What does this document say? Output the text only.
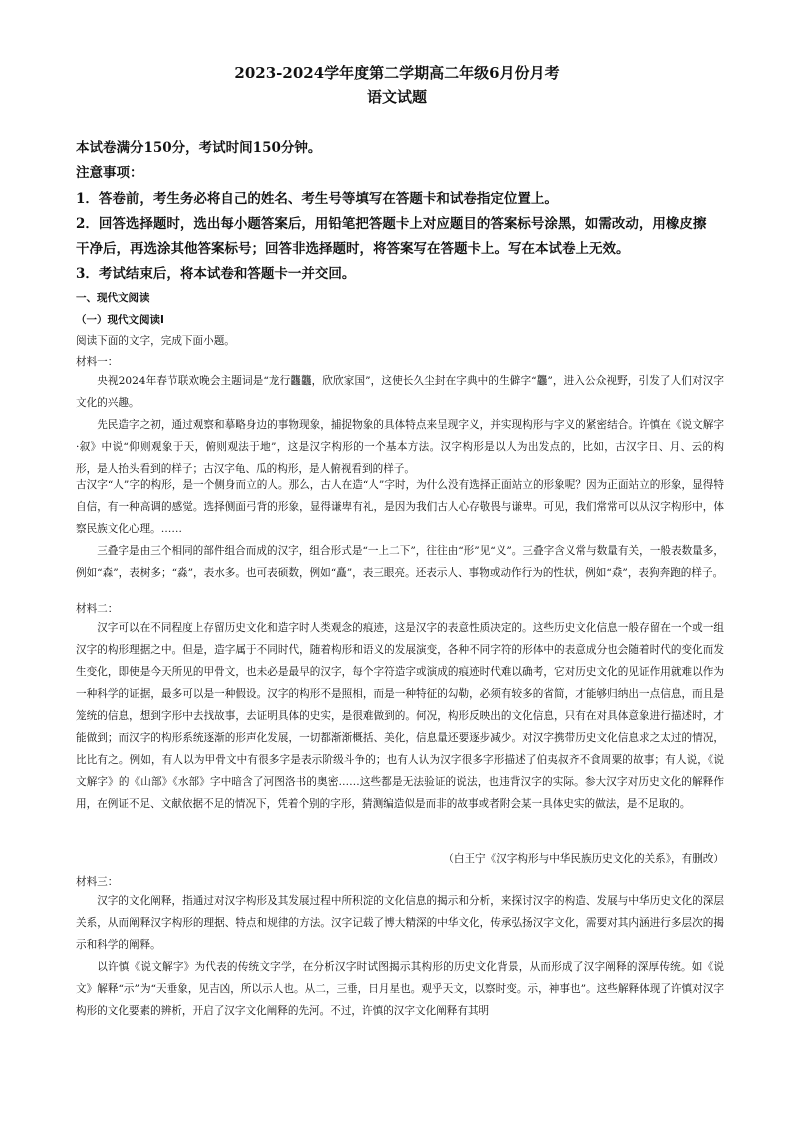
2023-2024学年度第二学期高二年级6月份月考
语文试题
本试卷满分150分，考试时间150分钟。
注意事项：
1．答卷前，考生务必将自己的姓名、考生号等填写在答题卡和试卷指定位置上。
2．回答选择题时，选出每小题答案后，用铅笔把答题卡上对应题目的答案标号涂黑，如需改动，用橡皮擦
干净后，再选涂其他答案标号；回答非选择题时，将答案写在答题卡上。写在本试卷上无效。
3．考试结束后，将本试卷和答题卡一并交回。
一、现代文阅读
（一）现代文阅读Ⅰ
阅读下面的文字，完成下面小题。
材料一：
央视2024年春节联欢晚会主题词是“龙行龘龘，欣欣家国”，这使长久尘封在字典中的生僻字“龘”，进入公众视野，引发了人们对汉字文化的兴趣。
先民造字之初，通过观察和摹略身边的事物现象，捕捉物象的具体特点来呈现字义，并实现构形与字义的紧密结合。许慎在《说文解字·叙》中说“仰则观象于天，俯则观法于地”，这是汉字构形的一个基本方法。汉字构形是以人为出发点的，比如，古汉字日、月、云的构形，是人抬头看到的样子；古汉字龟、瓜的构形，是人俯视看到的样子。
古汉字“人”字的构形，是一个侧身而立的人。那么，古人在造“人”字时，为什么没有选择正面站立的形象呢？因为正面站立的形象，显得特自信，有一种高调的感觉。选择侧面弓背的形象，显得谦卑有礼，是因为我们古人心存敬畏与谦卑。可见，我们常常可以从汉字构形中，体察民族文化心理。……
三叠字是由三个相同的部件组合而成的汉字，组合形式是“一上二下”，往往由“形”见“义”。三叠字含义常与数量有关，一般表数量多，例如“森”，表树多；“淼”，表水多。也可表硕数，例如“矗”，表三眼亮。还表示人、事物或动作行为的性状，例如“猋”，表狗奔跑的样子。
材料二：
汉字可以在不同程度上存留历史文化和造字时人类观念的痕迹，这是汉字的表意性质决定的。这些历史文化信息一般存留在一个或一组汉字的构形理据之中。但是，造字属于不同时代，随着构形和语义的发展演变，各种不同字符的形体中的表意成分也会随着时代的变化而发生变化，即使是今天所见的甲骨文，也未必是最早的汉字，每个字符造字或演成的痕迹时代难以确考，它对历史文化的见证作用就难以作为一种科学的证据，最多可以是一种假设。汉字的构形不是照相，而是一种特征的勾勒，必须有较多的省简，才能够归纳出一点信息，而且是笼统的信息，想到字形中去找故事，去证明具体的史实，是很难做到的。何况，构形反映出的文化信息，只有在对具体意象进行描述时，才能做到；而汉字的构形系统逐渐的形声化发展，一切都渐渐概括、美化，信息量还要逐步减少。对汉字携带历史文化信息求之太过的情况，比比有之。例如，有人以为甲骨文中有很多字是表示阶级斗争的；也有人认为汉字很多字形描述了伯夷叔齐不食周粟的故事；有人说，《说文解字》的《山部》《水部》字中暗含了河图洛书的奥密……这些都是无法验证的说法，也违背汉字的实际。参大汉字对历史文化的解释作用，在例证不足、文献依据不足的情况下，凭着个别的字形，猜测编造似是而非的故事或者附会某一具体史实的做法，是不足取的。
（白王宁《汉字构形与中华民族历史文化的关系》，有删改）
材料三：
汉字的文化阐释，指通过对汉字构形及其发展过程中所积淀的文化信息的揭示和分析，来探讨汉字的构造、发展与中华历史文化的深层关系，从而阐释汉字构形的理据、特点和规律的方法。汉字记载了博大精深的中华文化，传承弘扬汉字文化，需要对其内涵进行多层次的揭示和科学的阐释。
以许慎《说文解字》为代表的传统文字学，在分析汉字时试图揭示其构形的历史文化背景，从而形成了汉字阐释的深厚传统。如《说文》解释“示”为“天垂象，见吉凶，所以示人也。从二，三垂，日月星也。观乎天文，以察时变。示，神事也”。这些解释体现了许慎对汉字构形的文化要素的辨析，开启了汉字文化阐释的先河。不过，许慎的汉字文化阐释有其明
